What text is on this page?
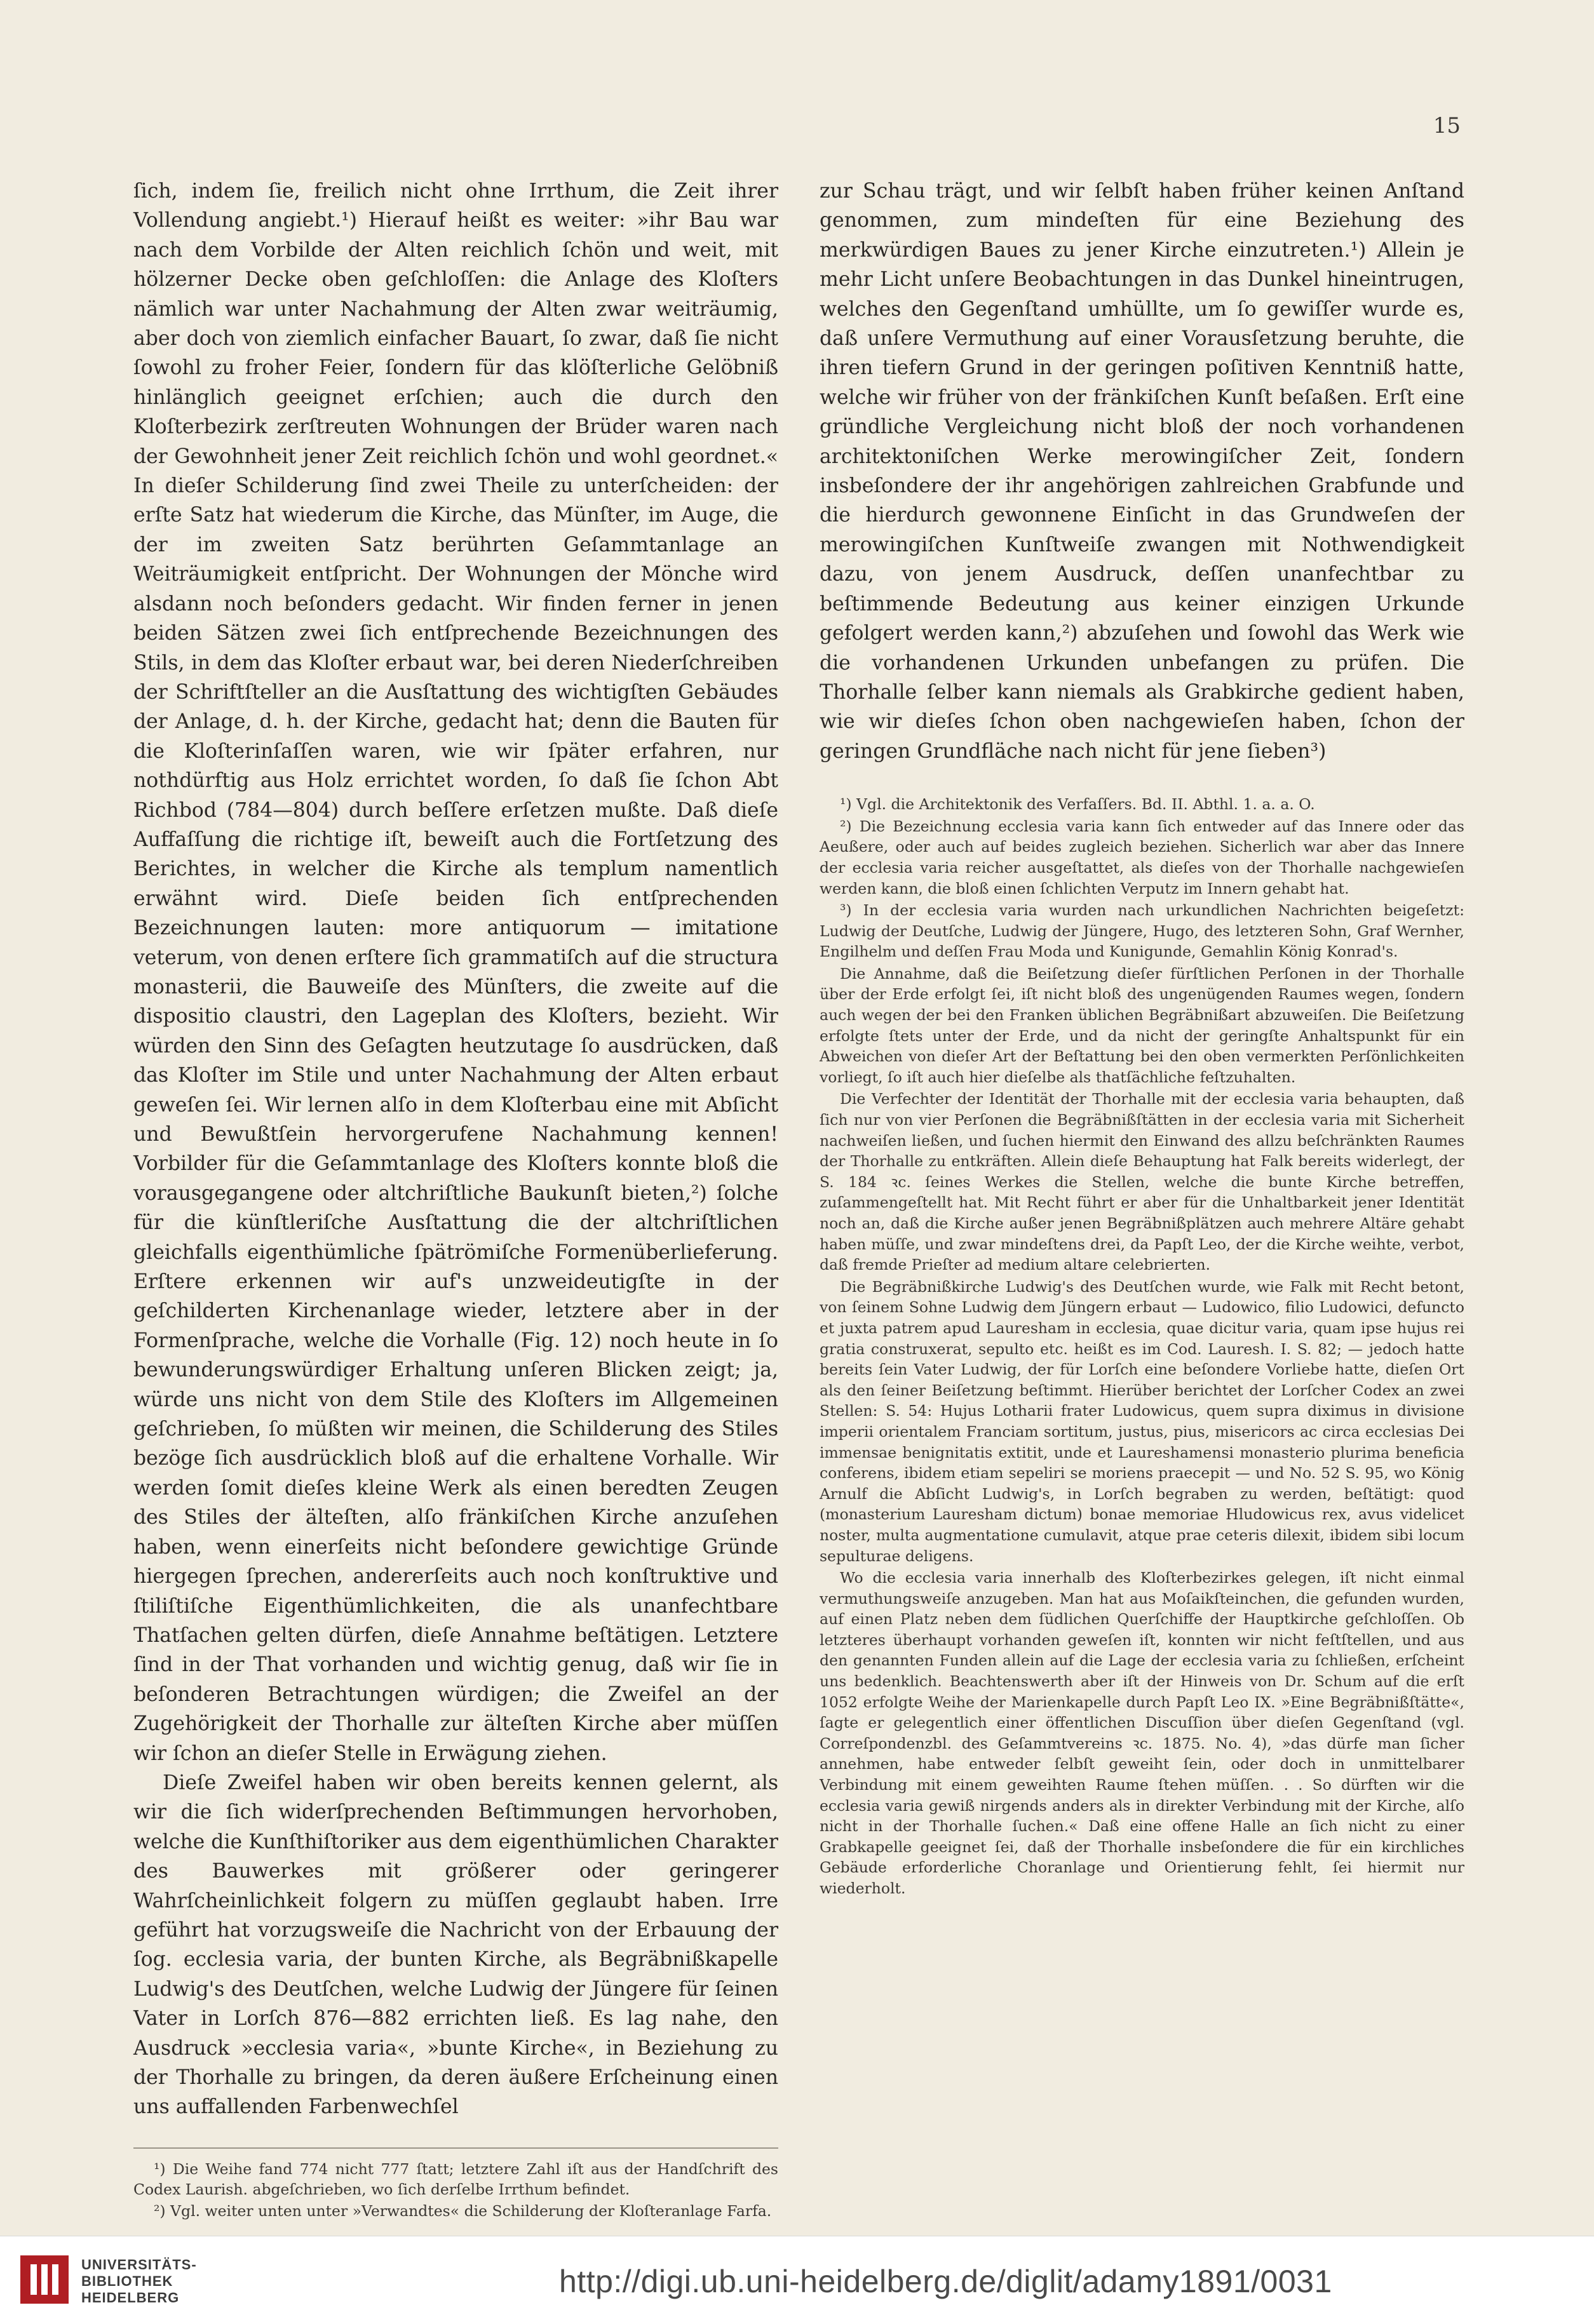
15

ſich, indem ſie, freilich nicht ohne Irrthum, die Zeit ihrer Vollendung angiebt.¹) Hierauf heißt es weiter: »ihr Bau war nach dem Vorbilde der Alten reichlich ſchön und weit, mit hölzerner Decke oben geſchloſſen: die Anlage des Kloſters nämlich war unter Nachahmung der Alten zwar weiträumig, aber doch von ziemlich einfacher Bauart, ſo zwar, daß ſie nicht ſowohl zu froher Feier, ſondern für das klöſterliche Gelöbniß hinlänglich geeignet erſchien; auch die durch den Kloſterbezirk zerſtreuten Wohnungen der Brüder waren nach der Gewohnheit jener Zeit reichlich ſchön und wohl geordnet.« In dieſer Schilderung ſind zwei Theile zu unterſcheiden: der erſte Satz hat wiederum die Kirche, das Münſter, im Auge, die der im zweiten Satz berührten Geſammtanlage an Weiträumigkeit entſpricht. Der Wohnungen der Mönche wird alsdann noch beſonders gedacht. Wir finden ferner in jenen beiden Sätzen zwei ſich entſprechende Bezeichnungen des Stils, in dem das Kloſter erbaut war, bei deren Niederſchreiben der Schriftſteller an die Ausſtattung des wichtigſten Gebäudes der Anlage, d. h. der Kirche, gedacht hat; denn die Bauten für die Kloſterinſaſſen waren, wie wir ſpäter erfahren, nur nothdürftig aus Holz errichtet worden, ſo daß ſie ſchon Abt Richbod (784—804) durch beſſere erſetzen mußte. Daß dieſe Auffaſſung die richtige iſt, beweiſt auch die Fortſetzung des Berichtes, in welcher die Kirche als templum namentlich erwähnt wird. Dieſe beiden ſich entſprechenden Bezeichnungen lauten: more antiquorum — imitatione veterum, von denen erſtere ſich grammatiſch auf die structura monasterii, die Bauweiſe des Münſters, die zweite auf die dispositio claustri, den Lageplan des Kloſters, bezieht. Wir würden den Sinn des Geſagten heutzutage ſo ausdrücken, daß das Kloſter im Stile und unter Nachahmung der Alten erbaut geweſen ſei. Wir lernen alſo in dem Kloſterbau eine mit Abſicht und Bewußtſein hervorgerufene Nachahmung kennen! Vorbilder für die Geſammtanlage des Kloſters konnte bloß die vorausgegangene oder altchriſtliche Baukunſt bieten,²) ſolche für die künſtleriſche Ausſtattung die der altchriſtlichen gleichfalls eigenthümliche ſpätrömiſche Formenüberlieferung. Erſtere erkennen wir auf's unzweideutigſte in der geſchilderten Kirchenanlage wieder, letztere aber in der Formenſprache, welche die Vorhalle (Fig. 12) noch heute in ſo bewunderungswürdiger Erhaltung unſeren Blicken zeigt; ja, würde uns nicht von dem Stile des Kloſters im Allgemeinen geſchrieben, ſo müßten wir meinen, die Schilderung des Stiles bezöge ſich ausdrücklich bloß auf die erhaltene Vorhalle. Wir werden ſomit dieſes kleine Werk als einen beredten Zeugen des Stiles der älteſten, alſo fränkiſchen Kirche anzuſehen haben, wenn einerſeits nicht beſondere gewichtige Gründe hiergegen ſprechen, andererſeits auch noch konſtruktive und ſtiliſtiſche Eigenthümlichkeiten, die als unanfechtbare Thatſachen gelten dürfen, dieſe Annahme beſtätigen. Letztere ſind in der That vorhanden und wichtig genug, daß wir ſie in beſonderen Betrachtungen würdigen; die Zweifel an der Zugehörigkeit der Thorhalle zur älteſten Kirche aber müſſen wir ſchon an dieſer Stelle in Erwägung ziehen.

Dieſe Zweifel haben wir oben bereits kennen gelernt, als wir die ſich widerſprechenden Beſtimmungen hervorhoben, welche die Kunſthiſtoriker aus dem eigenthümlichen Charakter des Bauwerkes mit größerer oder geringerer Wahrſcheinlichkeit folgern zu müſſen geglaubt haben. Irre geführt hat vorzugsweiſe die Nachricht von der Erbauung der ſog. ecclesia varia, der bunten Kirche, als Begräbnißkapelle Ludwig's des Deutſchen, welche Ludwig der Jüngere für ſeinen Vater in Lorſch 876—882 errichten ließ. Es lag nahe, den Ausdruck »ecclesia varia«, »bunte Kirche«, in Beziehung zu der Thorhalle zu bringen, da deren äußere Erſcheinung einen uns auffallenden Farbenwechſel

¹) Die Weihe fand 774 nicht 777 ſtatt; letztere Zahl iſt aus der Handſchrift des Codex Laurish. abgeſchrieben, wo ſich derſelbe Irrthum befindet.

²) Vgl. weiter unten unter »Verwandtes« die Schilderung der Kloſteranlage Farfa.

zur Schau trägt, und wir ſelbſt haben früher keinen Anſtand genommen, zum mindeſten für eine Beziehung des merkwürdigen Baues zu jener Kirche einzutreten.¹) Allein je mehr Licht unſere Beobachtungen in das Dunkel hineintrugen, welches den Gegenſtand umhüllte, um ſo gewiſſer wurde es, daß unſere Vermuthung auf einer Vorausſetzung beruhte, die ihren tiefern Grund in der geringen poſitiven Kenntniß hatte, welche wir früher von der fränkiſchen Kunſt beſaßen. Erſt eine gründliche Vergleichung nicht bloß der noch vorhandenen architektoniſchen Werke merowingiſcher Zeit, ſondern insbeſondere der ihr angehörigen zahlreichen Grabfunde und die hierdurch gewonnene Einſicht in das Grundweſen der merowingiſchen Kunſtweiſe zwangen mit Nothwendigkeit dazu, von jenem Ausdruck, deſſen unanfechtbar zu beſtimmende Bedeutung aus keiner einzigen Urkunde gefolgert werden kann,²) abzuſehen und ſowohl das Werk wie die vorhandenen Urkunden unbefangen zu prüfen. Die Thorhalle ſelber kann niemals als Grabkirche gedient haben, wie wir dieſes ſchon oben nachgewieſen haben, ſchon der geringen Grundfläche nach nicht für jene ſieben³)

¹) Vgl. die Architektonik des Verfaſſers. Bd. II. Abthl. 1. a. a. O.

²) Die Bezeichnung ecclesia varia kann ſich entweder auf das Innere oder das Aeußere, oder auch auf beides zugleich beziehen. Sicherlich war aber das Innere der ecclesia varia reicher ausgeſtattet, als dieſes von der Thorhalle nachgewieſen werden kann, die bloß einen ſchlichten Verputz im Innern gehabt hat.

³) In der ecclesia varia wurden nach urkundlichen Nachrichten beigeſetzt: Ludwig der Deutſche, Ludwig der Jüngere, Hugo, des letzteren Sohn, Graf Wernher, Engilhelm und deſſen Frau Moda und Kunigunde, Gemahlin König Konrad's.

Die Annahme, daß die Beiſetzung dieſer fürſtlichen Perſonen in der Thorhalle über der Erde erfolgt ſei, iſt nicht bloß des ungenügenden Raumes wegen, ſondern auch wegen der bei den Franken üblichen Begräbnißart abzuweiſen. Die Beiſetzung erfolgte ſtets unter der Erde, und da nicht der geringſte Anhaltspunkt für ein Abweichen von dieſer Art der Beſtattung bei den oben vermerkten Perſönlichkeiten vorliegt, ſo iſt auch hier dieſelbe als thatſächliche feſtzuhalten.

Die Verfechter der Identität der Thorhalle mit der ecclesia varia behaupten, daß ſich nur von vier Perſonen die Begräbnißſtätten in der ecclesia varia mit Sicherheit nachweiſen ließen, und ſuchen hiermit den Einwand des allzu beſchränkten Raumes der Thorhalle zu entkräften. Allein dieſe Behauptung hat Falk bereits widerlegt, der S. 184 ꝛc. ſeines Werkes die Stellen, welche die bunte Kirche betreffen, zuſammengeſtellt hat. Mit Recht führt er aber für die Unhaltbarkeit jener Identität noch an, daß die Kirche außer jenen Begräbnißplätzen auch mehrere Altäre gehabt haben müſſe, und zwar mindeſtens drei, da Papſt Leo, der die Kirche weihte, verbot, daß fremde Prieſter ad medium altare celebrierten.

Die Begräbnißkirche Ludwig's des Deutſchen wurde, wie Falk mit Recht betont, von ſeinem Sohne Ludwig dem Jüngern erbaut — Ludowico, filio Ludowici, defuncto et juxta patrem apud Lauresham in ecclesia, quae dicitur varia, quam ipse hujus rei gratia construxerat, sepulto etc. heißt es im Cod. Lauresh. I. S. 82; — jedoch hatte bereits ſein Vater Ludwig, der für Lorſch eine beſondere Vorliebe hatte, dieſen Ort als den ſeiner Beiſetzung beſtimmt. Hierüber berichtet der Lorſcher Codex an zwei Stellen: S. 54: Hujus Lotharii frater Ludowicus, quem supra diximus in divisione imperii orientalem Franciam sortitum, justus, pius, misericors ac circa ecclesias Dei immensae benignitatis extitit, unde et Laureshamensi monasterio plurima beneficia conferens, ibidem etiam sepeliri se moriens praecepit — und No. 52 S. 95, wo König Arnulf die Abſicht Ludwig's, in Lorſch begraben zu werden, beſtätigt: quod (monasterium Lauresham dictum) bonae memoriae Hludowicus rex, avus videlicet noster, multa augmentatione cumulavit, atque prae ceteris dilexit, ibidem sibi locum sepulturae deligens.

Wo die ecclesia varia innerhalb des Kloſterbezirkes gelegen, iſt nicht einmal vermuthungsweiſe anzugeben. Man hat aus Moſaikſteinchen, die gefunden wurden, auf einen Platz neben dem ſüdlichen Querſchiffe der Hauptkirche geſchloſſen. Ob letzteres überhaupt vorhanden geweſen iſt, konnten wir nicht feſtſtellen, und aus den genannten Funden allein auf die Lage der ecclesia varia zu ſchließen, erſcheint uns bedenklich. Beachtenswerth aber iſt der Hinweis von Dr. Schum auf die erſt 1052 erfolgte Weihe der Marienkapelle durch Papſt Leo IX. »Eine Begräbnißſtätte«, ſagte er gelegentlich einer öffentlichen Discuſſion über dieſen Gegenſtand (vgl. Correſpondenzbl. des Geſammtvereins ꝛc. 1875. No. 4), »das dürfe man ſicher annehmen, habe entweder ſelbſt geweiht ſein, oder doch in unmittelbarer Verbindung mit einem geweihten Raume ſtehen müſſen. . . So dürften wir die ecclesia varia gewiß nirgends anders als in direkter Verbindung mit der Kirche, alſo nicht in der Thorhalle ſuchen.« Daß eine offene Halle an ſich nicht zu einer Grabkapelle geeignet ſei, daß der Thorhalle insbeſondere die für ein kirchliches Gebäude erforderliche Choranlage und Orientierung fehlt, ſei hiermit nur wiederholt.

UNIVERSITÄTS-
BIBLIOTHEK
HEIDELBERG	http://digi.ub.uni-heidelberg.de/diglit/adamy1891/0031
